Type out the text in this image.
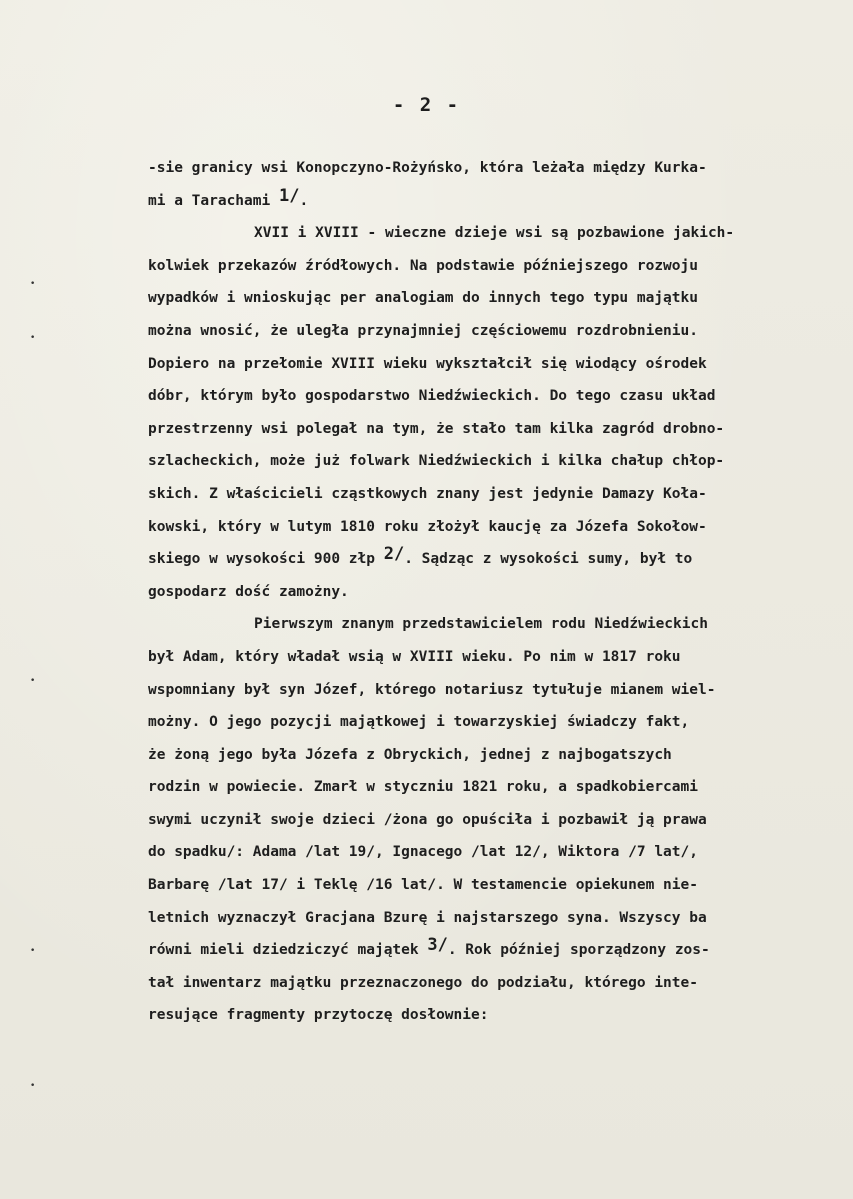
- 2 -
•
•
•
•
•
-sie granicy wsi Konopczyno-Rożyńsko, która leżała między Kurka-
mi a Tarachami 1/.
XVII i XVIII - wieczne dzieje wsi są pozbawione jakich-
kolwiek przekazów źródłowych. Na podstawie późniejszego rozwoju
wypadków i wnioskując per analogiam do innych tego typu majątku
można wnosić, że uległa przynajmniej częściowemu rozdrobnieniu.
Dopiero na przełomie XVIII wieku wykształcił się wiodący ośrodek
dóbr, którym było gospodarstwo Niedźwieckich. Do tego czasu układ
przestrzenny wsi polegał na tym, że stało tam kilka zagród drobno-
szlacheckich, może już folwark Niedźwieckich i kilka chałup chłop-
skich. Z właścicieli cząstkowych znany jest jedynie Damazy Koła-
kowski, który w lutym 1810 roku złożył kaucję za Józefa Sokołow-
skiego w wysokości 900 złp 2/. Sądząc z wysokości sumy, był to
gospodarz dość zamożny.
Pierwszym znanym przedstawicielem rodu Niedźwieckich
był Adam, który władał wsią w XVIII wieku. Po nim w 1817 roku
wspomniany był syn Józef, którego notariusz tytułuje mianem wiel-
możny. O jego pozycji majątkowej i towarzyskiej świadczy fakt,
że żoną jego była Józefa z Obryckich, jednej z najbogatszych
rodzin w powiecie. Zmarł w styczniu 1821 roku, a spadkobiercami
swymi uczynił swoje dzieci /żona go opuściła i pozbawił ją prawa
do spadku/: Adama /lat 19/, Ignacego /lat 12/, Wiktora /7 lat/,
Barbarę /lat 17/ i Teklę /16 lat/. W testamencie opiekunem nie-
letnich wyznaczył Gracjana Bzurę i najstarszego syna. Wszyscy ba
równi mieli dziedziczyć majątek 3/. Rok później sporządzony zos-
tał inwentarz majątku przeznaczonego do podziału, którego inte-
resujące fragmenty przytoczę dosłownie:
